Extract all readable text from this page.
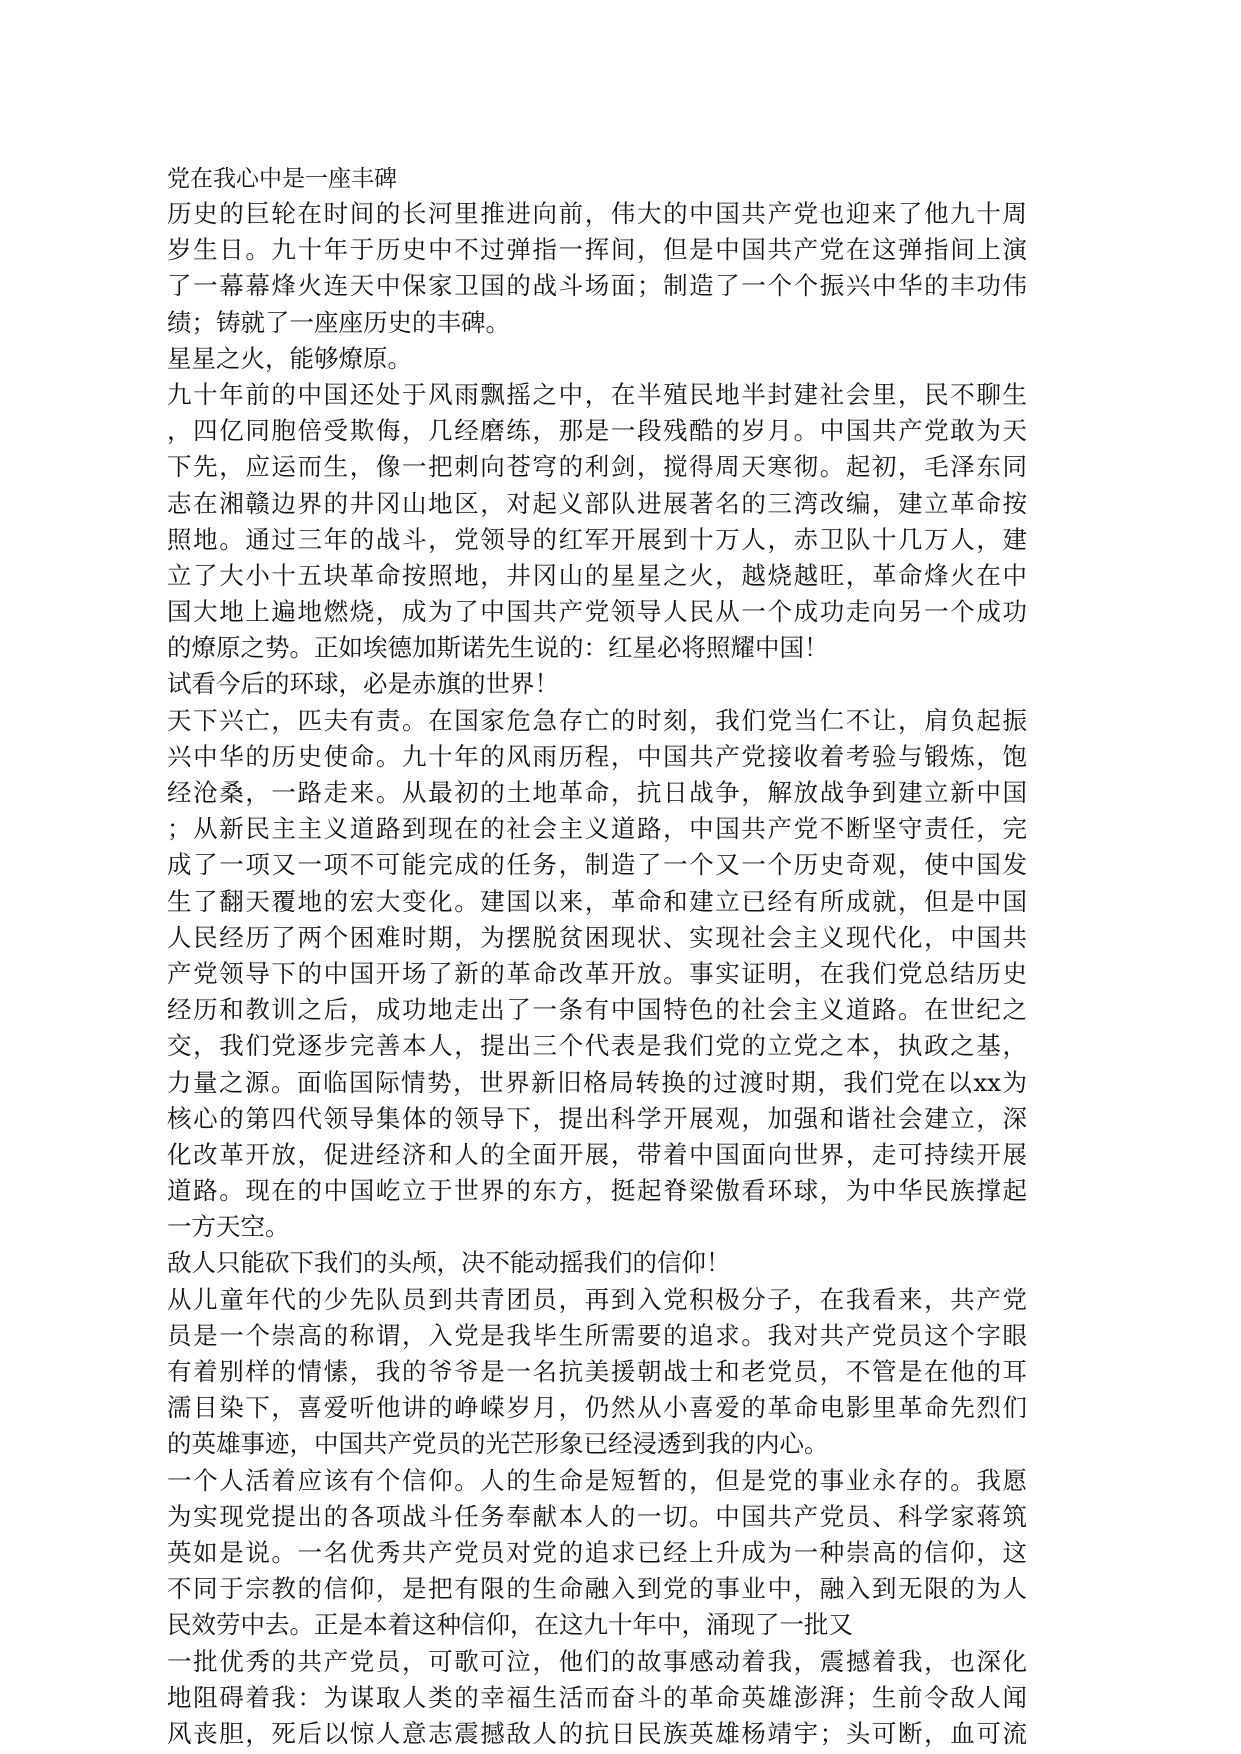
党在我心中是一座丰碑
历史的巨轮在时间的长河里推进向前，伟大的中国共产党也迎来了他九十周
岁生日。九十年于历史中不过弹指一挥间，但是中国共产党在这弹指间上演
了一幕幕烽火连天中保家卫国的战斗场面；制造了一个个振兴中华的丰功伟
绩；铸就了一座座历史的丰碑。
星星之火，能够燎原。
九十年前的中国还处于风雨飘摇之中，在半殖民地半封建社会里，民不聊生
，四亿同胞倍受欺侮，几经磨练，那是一段残酷的岁月。中国共产党敢为天
下先，应运而生，像一把刺向苍穹的利剑，搅得周天寒彻。起初，毛泽东同
志在湘赣边界的井冈山地区，对起义部队进展著名的三湾改编，建立革命按
照地。通过三年的战斗，党领导的红军开展到十万人，赤卫队十几万人，建
立了大小十五块革命按照地，井冈山的星星之火，越烧越旺，革命烽火在中
国大地上遍地燃烧，成为了中国共产党领导人民从一个成功走向另一个成功
的燎原之势。正如埃德加斯诺先生说的：红星必将照耀中国！
试看今后的环球，必是赤旗的世界！
天下兴亡，匹夫有责。在国家危急存亡的时刻，我们党当仁不让，肩负起振
兴中华的历史使命。九十年的风雨历程，中国共产党接收着考验与锻炼，饱
经沧桑，一路走来。从最初的土地革命，抗日战争，解放战争到建立新中国
；从新民主主义道路到现在的社会主义道路，中国共产党不断坚守责任，完
成了一项又一项不可能完成的任务，制造了一个又一个历史奇观，使中国发
生了翻天覆地的宏大变化。建国以来，革命和建立已经有所成就，但是中国
人民经历了两个困难时期，为摆脱贫困现状、实现社会主义现代化，中国共
产党领导下的中国开场了新的革命改革开放。事实证明，在我们党总结历史
经历和教训之后，成功地走出了一条有中国特色的社会主义道路。在世纪之
交，我们党逐步完善本人，提出三个代表是我们党的立党之本，执政之基，
力量之源。面临国际情势，世界新旧格局转换的过渡时期，我们党在以xx为
核心的第四代领导集体的领导下，提出科学开展观，加强和谐社会建立，深
化改革开放，促进经济和人的全面开展，带着中国面向世界，走可持续开展
道路。现在的中国屹立于世界的东方，挺起脊梁傲看环球，为中华民族撑起
一方天空。
敌人只能砍下我们的头颅，决不能动摇我们的信仰！
从儿童年代的少先队员到共青团员，再到入党积极分子，在我看来，共产党
员是一个崇高的称谓，入党是我毕生所需要的追求。我对共产党员这个字眼
有着别样的情愫，我的爷爷是一名抗美援朝战士和老党员，不管是在他的耳
濡目染下，喜爱听他讲的峥嵘岁月，仍然从小喜爱的革命电影里革命先烈们
的英雄事迹，中国共产党员的光芒形象已经浸透到我的内心。
一个人活着应该有个信仰。人的生命是短暂的，但是党的事业永存的。我愿
为实现党提出的各项战斗任务奉献本人的一切。中国共产党员、科学家蒋筑
英如是说。一名优秀共产党员对党的追求已经上升成为一种崇高的信仰，这
不同于宗教的信仰，是把有限的生命融入到党的事业中，融入到无限的为人
民效劳中去。正是本着这种信仰，在这九十年中，涌现了一批又
一批优秀的共产党员，可歌可泣，他们的故事感动着我，震撼着我，也深化
地阻碍着我：为谋取人类的幸福生活而奋斗的革命英雄澎湃；生前令敌人闻
风丧胆，死后以惊人意志震撼敌人的抗日民族英雄杨靖宇；头可断，血可流
